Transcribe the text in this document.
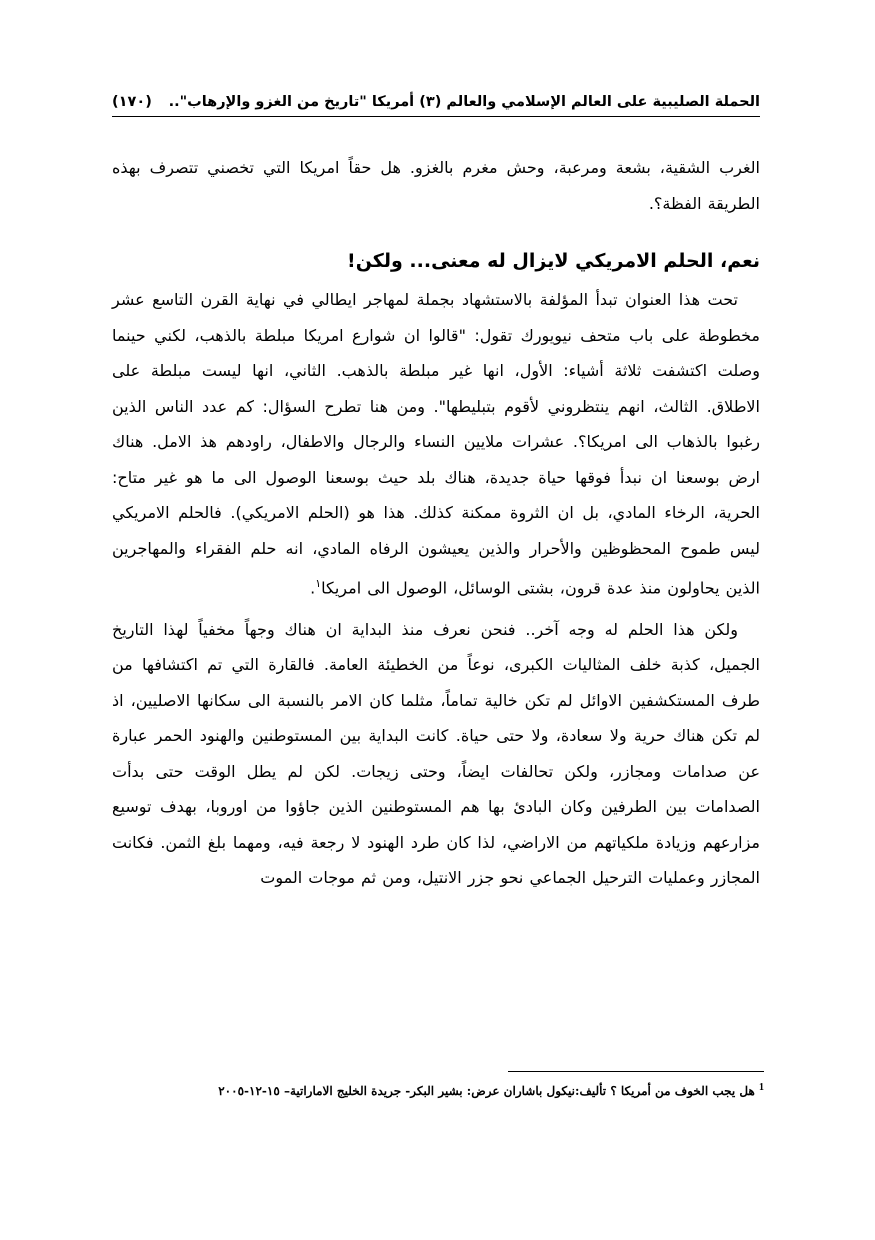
الحملة الصليبية على العالم الإسلامي والعالم (٣) أمريكا "تاريخ من الغزو والإرهاب"..
(١٧٠)

الغرب الشقية، بشعة ومرعبة، وحش مغرم بالغزو. هل حقاً امريكا التي تخصني تتصرف بهذه الطريقة الفظة؟.

نعم، الحلم الامريكي لايزال له معنى... ولكن!

تحت هذا العنوان تبدأ المؤلفة بالاستشهاد بجملة لمهاجر ايطالي في نهاية القرن التاسع عشر مخطوطة على باب متحف نيويورك تقول: "قالوا ان شوارع امريكا مبلطة بالذهب، لكني حينما وصلت اكتشفت ثلاثة أشياء: الأول، انها غير مبلطة بالذهب. الثاني، انها ليست مبلطة على الاطلاق. الثالث، انهم ينتظروني لأقوم بتبليطها". ومن هنا تطرح السؤال: كم عدد الناس الذين رغبوا بالذهاب الى امريكا؟. عشرات ملايين النساء والرجال والاطفال، راودهم هذ الامل. هناك ارض بوسعنا ان نبدأ فوقها حياة جديدة، هناك بلد حيث بوسعنا الوصول الى ما هو غير متاح: الحرية، الرخاء المادي، بل ان الثروة ممكنة كذلك. هذا هو (الحلم الامريكي). فالحلم الامريكي ليس طموح المحظوظين والأحرار والذين يعيشون الرفاه المادي، انه حلم الفقراء والمهاجرين الذين يحاولون منذ عدة قرون، بشتى الوسائل، الوصول الى امريكا$^١$.

ولكن هذا الحلم له وجه آخر.. فنحن نعرف منذ البداية ان هناك وجهاً مخفياً لهذا التاريخ الجميل، كذبة خلف المثاليات الكبرى، نوعاً من الخطيئة العامة. فالقارة التي تم اكتشافها من طرف المستكشفين الاوائل لم تكن خالية تماماً، مثلما كان الامر بالنسبة الى سكانها الاصليين، اذ لم تكن هناك حرية ولا سعادة، ولا حتى حياة. كانت البداية بين المستوطنين والهنود الحمر عبارة عن صدامات ومجازر، ولكن تحالفات ايضاً، وحتى زيجات. لكن لم يطل الوقت حتى بدأت الصدامات بين الطرفين وكان البادئ بها هم المستوطنين الذين جاؤوا من اوروبا، بهدف توسيع مزارعهم وزيادة ملكياتهم من الاراضي، لذا كان طرد الهنود لا رجعة فيه، ومهما بلغ الثمن. فكانت المجازر وعمليات الترحيل الجماعي نحو جزر الانتيل، ومن ثم موجات الموت

$^1$ هل يجب الخوف من أمريكا ؟ تأليف:نيكول باشاران عرض: بشير البكر- جريدة الخليج الاماراتية– ١٥-١٢-٢٠٠٥
